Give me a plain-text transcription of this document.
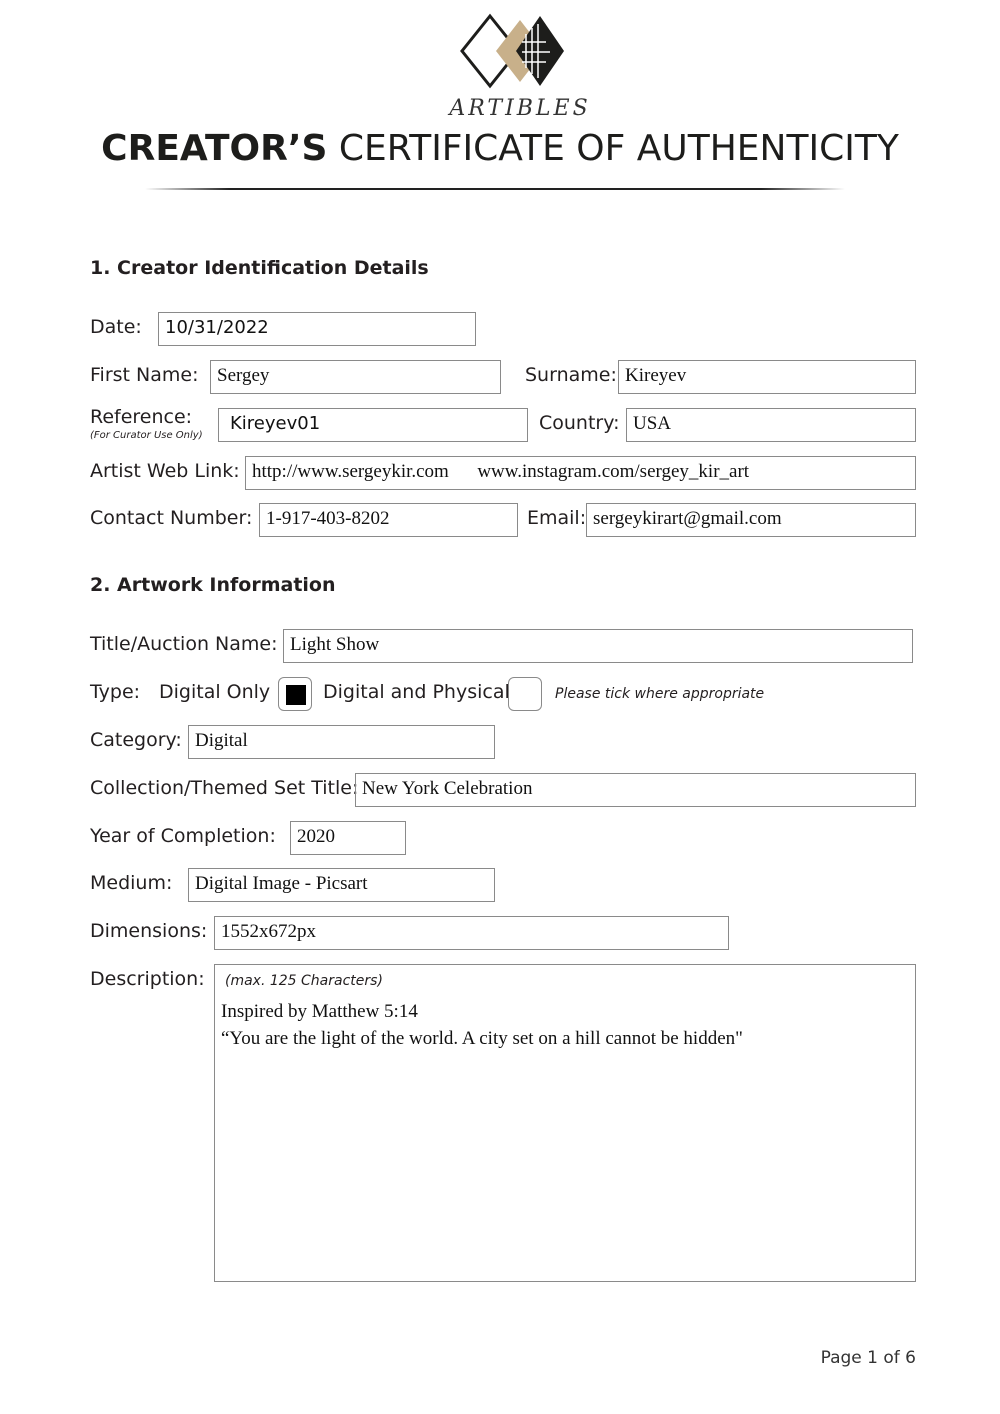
ARTIBLES
CREATOR’S CERTIFICATE OF AUTHENTICITY
1. Creator Identification Details
Date:	10/31/2022
First Name: Sergey	Surname: Kireyev
Reference:
(For Curator Use Only)
Kireyev01	Country: USA
Artist Web Link: http://www.sergeykir.com      www.instagram.com/sergey_kir_art
Contact Number: 1-917-403-8202	Email: sergeykirart@gmail.com
2. Artwork Information
Title/Auction Name: Light Show
Type: Digital Only	Digital and Physical	Please tick where appropriate
Category: Digital
Collection/Themed Set Title: New York Celebration
Year of Completion:	2020
Medium:	Digital Image - Picsart
Dimensions: 1552x672px
Description: (max. 125 Characters)
Inspired by Matthew 5:14
“You are the light of the world. A city set on a hill cannot be hidden"
Page 1 of 6
